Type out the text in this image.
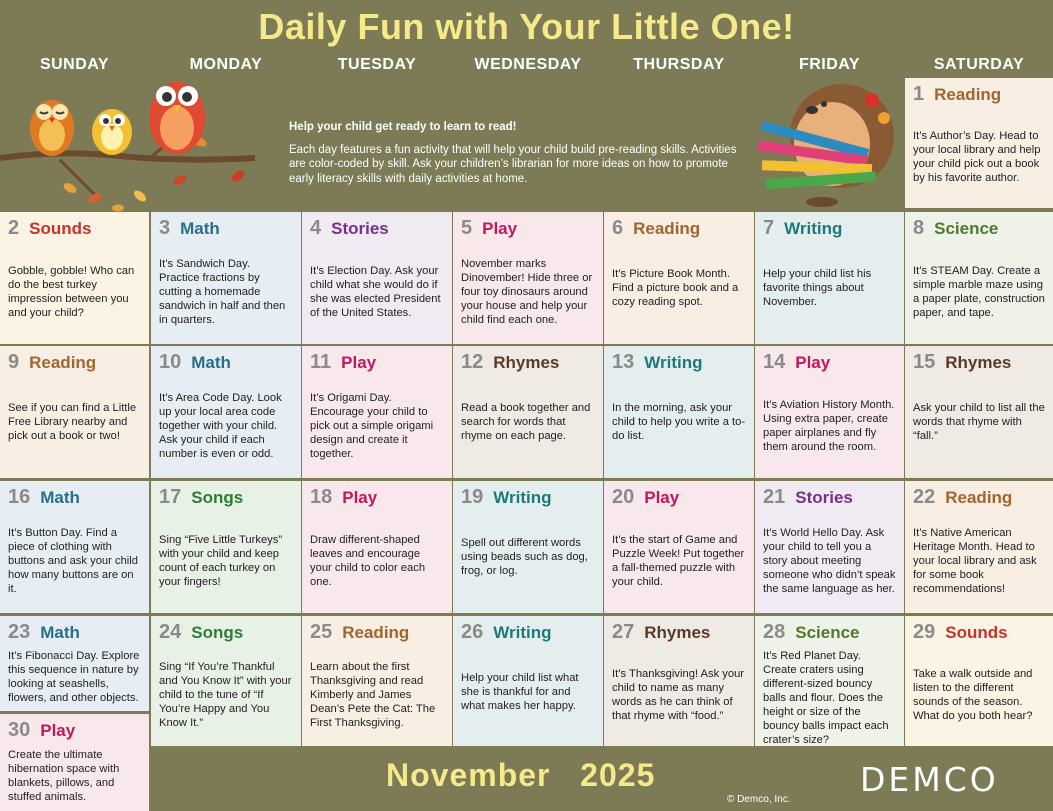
Daily Fun with Your Little One!
SUNDAY	MONDAY	TUESDAY	WEDNESDAY	THURSDAY	FRIDAY	SATURDAY
Help your child get ready to learn to read!
Each day features a fun activity that will help your child build pre-reading skills. Activities are color-coded by skill. Ask your children’s librarian for more ideas on how to promote early literacy skills with daily activities at home.
1 Reading
It’s Author’s Day. Head to your local library and help your child pick out a book by his favorite author.
2 Sounds
Gobble, gobble! Who can do the best turkey impression between you and your child?
3 Math
It’s Sandwich Day. Practice fractions by cutting a homemade sandwich in half and then in quarters.
4 Stories
It’s Election Day. Ask your child what she would do if she was elected President of the United States.
5 Play
November marks Dinovember! Hide three or four toy dinosaurs around your house and help your child find each one.
6 Reading
It’s Picture Book Month. Find a picture book and a cozy reading spot.
7 Writing
Help your child list his favorite things about November.
8 Science
It’s STEAM Day. Create a simple marble maze using a paper plate, construction paper, and tape.
9 Reading
See if you can find a Little Free Library nearby and pick out a book or two!
10 Math
It’s Area Code Day. Look up your local area code together with your child. Ask your child if each number is even or odd.
11 Play
It’s Origami Day. Encourage your child to pick out a simple origami design and create it together.
12 Rhymes
Read a book together and search for words that rhyme on each page.
13 Writing
In the morning, ask your child to help you write a to-do list.
14 Play
It’s Aviation History Month. Using extra paper, create paper airplanes and fly them around the room.
15 Rhymes
Ask your child to list all the words that rhyme with “fall.”
16 Math
It’s Button Day. Find a piece of clothing with buttons and ask your child how many buttons are on it.
17 Songs
Sing “Five Little Turkeys” with your child and keep count of each turkey on your fingers!
18 Play
Draw different-shaped leaves and encourage your child to color each one.
19 Writing
Spell out different words using beads such as dog, frog, or log.
20 Play
It’s the start of Game and Puzzle Week! Put together a fall-themed puzzle with your child.
21 Stories
It’s World Hello Day. Ask your child to tell you a story about meeting someone who didn’t speak the same language as her.
22 Reading
It’s Native American Heritage Month. Head to your local library and ask for some book recommendations!
23 Math
It’s Fibonacci Day. Explore this sequence in nature by looking at seashells, flowers, and other objects.
24 Songs
Sing “If You’re Thankful and You Know It” with your child to the tune of “If You’re Happy and You Know It.”
25 Reading
Learn about the first Thanksgiving and read Kimberly and James Dean’s Pete the Cat: The First Thanksgiving.
26 Writing
Help your child list what she is thankful for and what makes her happy.
27 Rhymes
It’s Thanksgiving! Ask your child to name as many words as he can think of that rhyme with “food.”
28 Science
It’s Red Planet Day. Create craters using different-sized bouncy balls and flour. Does the height or size of the bouncy balls impact each crater’s size?
29 Sounds
Take a walk outside and listen to the different sounds of the season. What do you both hear?
30 Play
Create the ultimate hibernation space with blankets, pillows, and stuffed animals.
November   2025
© Demco, Inc.
DEMCO
